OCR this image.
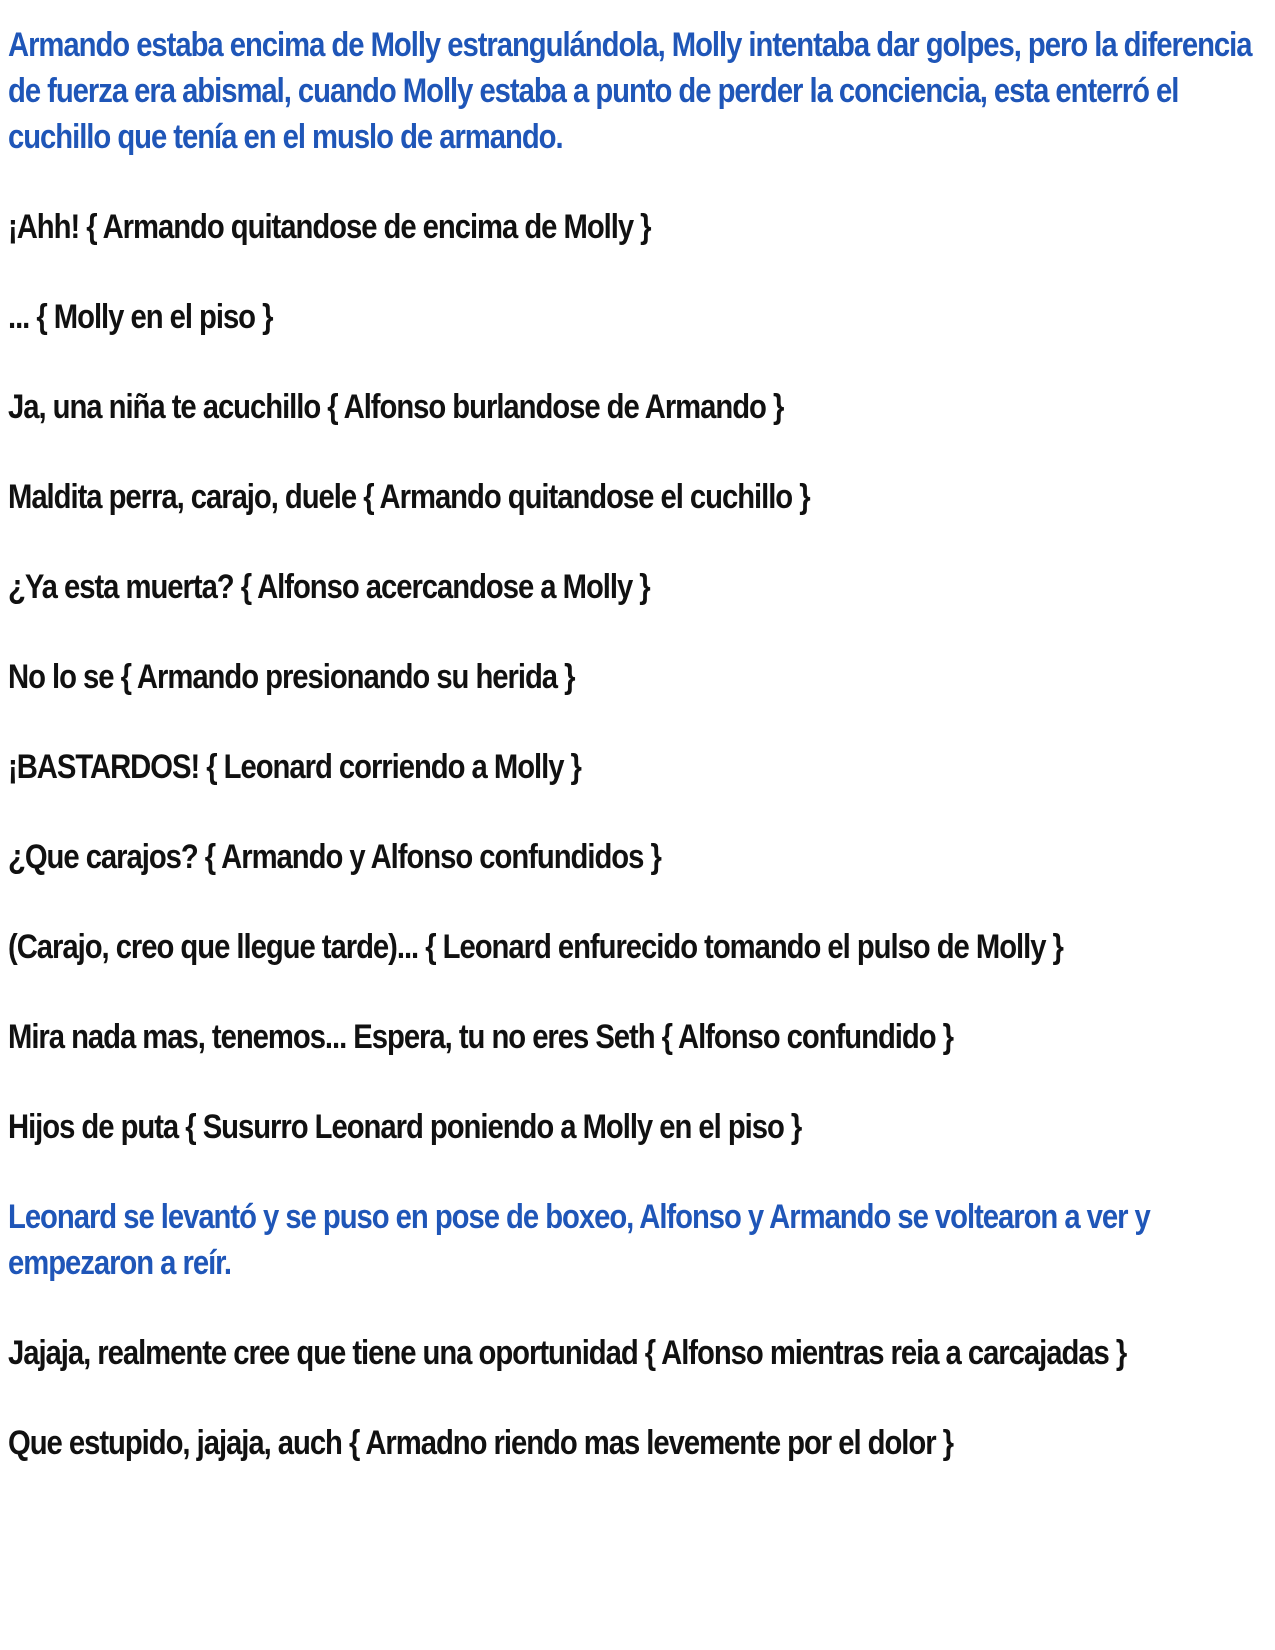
Armando estaba encima de Molly estrangulándola, Molly intentaba dar golpes, pero la diferencia de fuerza era abismal, cuando Molly estaba a punto de perder la conciencia, esta enterró el cuchillo que tenía en el muslo de armando.

¡Ahh! { Armando quitandose de encima de Molly }

... { Molly en el piso }

Ja, una niña te acuchillo { Alfonso burlandose de Armando }

Maldita perra, carajo, duele { Armando quitandose el cuchillo }

¿Ya esta muerta? { Alfonso acercandose a Molly }

No lo se { Armando presionando su herida }

¡BASTARDOS! { Leonard corriendo a Molly }

¿Que carajos? { Armando y Alfonso confundidos }

(Carajo, creo que llegue tarde)... { Leonard enfurecido tomando el pulso de Molly }

Mira nada mas, tenemos... Espera, tu no eres Seth { Alfonso confundido }

Hijos de puta { Susurro Leonard poniendo a Molly en el piso }

Leonard se levantó y se puso en pose de boxeo, Alfonso y Armando se voltearon a ver y empezaron a reír.

Jajaja, realmente cree que tiene una oportunidad { Alfonso mientras reia a carcajadas }

Que estupido, jajaja, auch { Armadno riendo mas levemente por el dolor }
